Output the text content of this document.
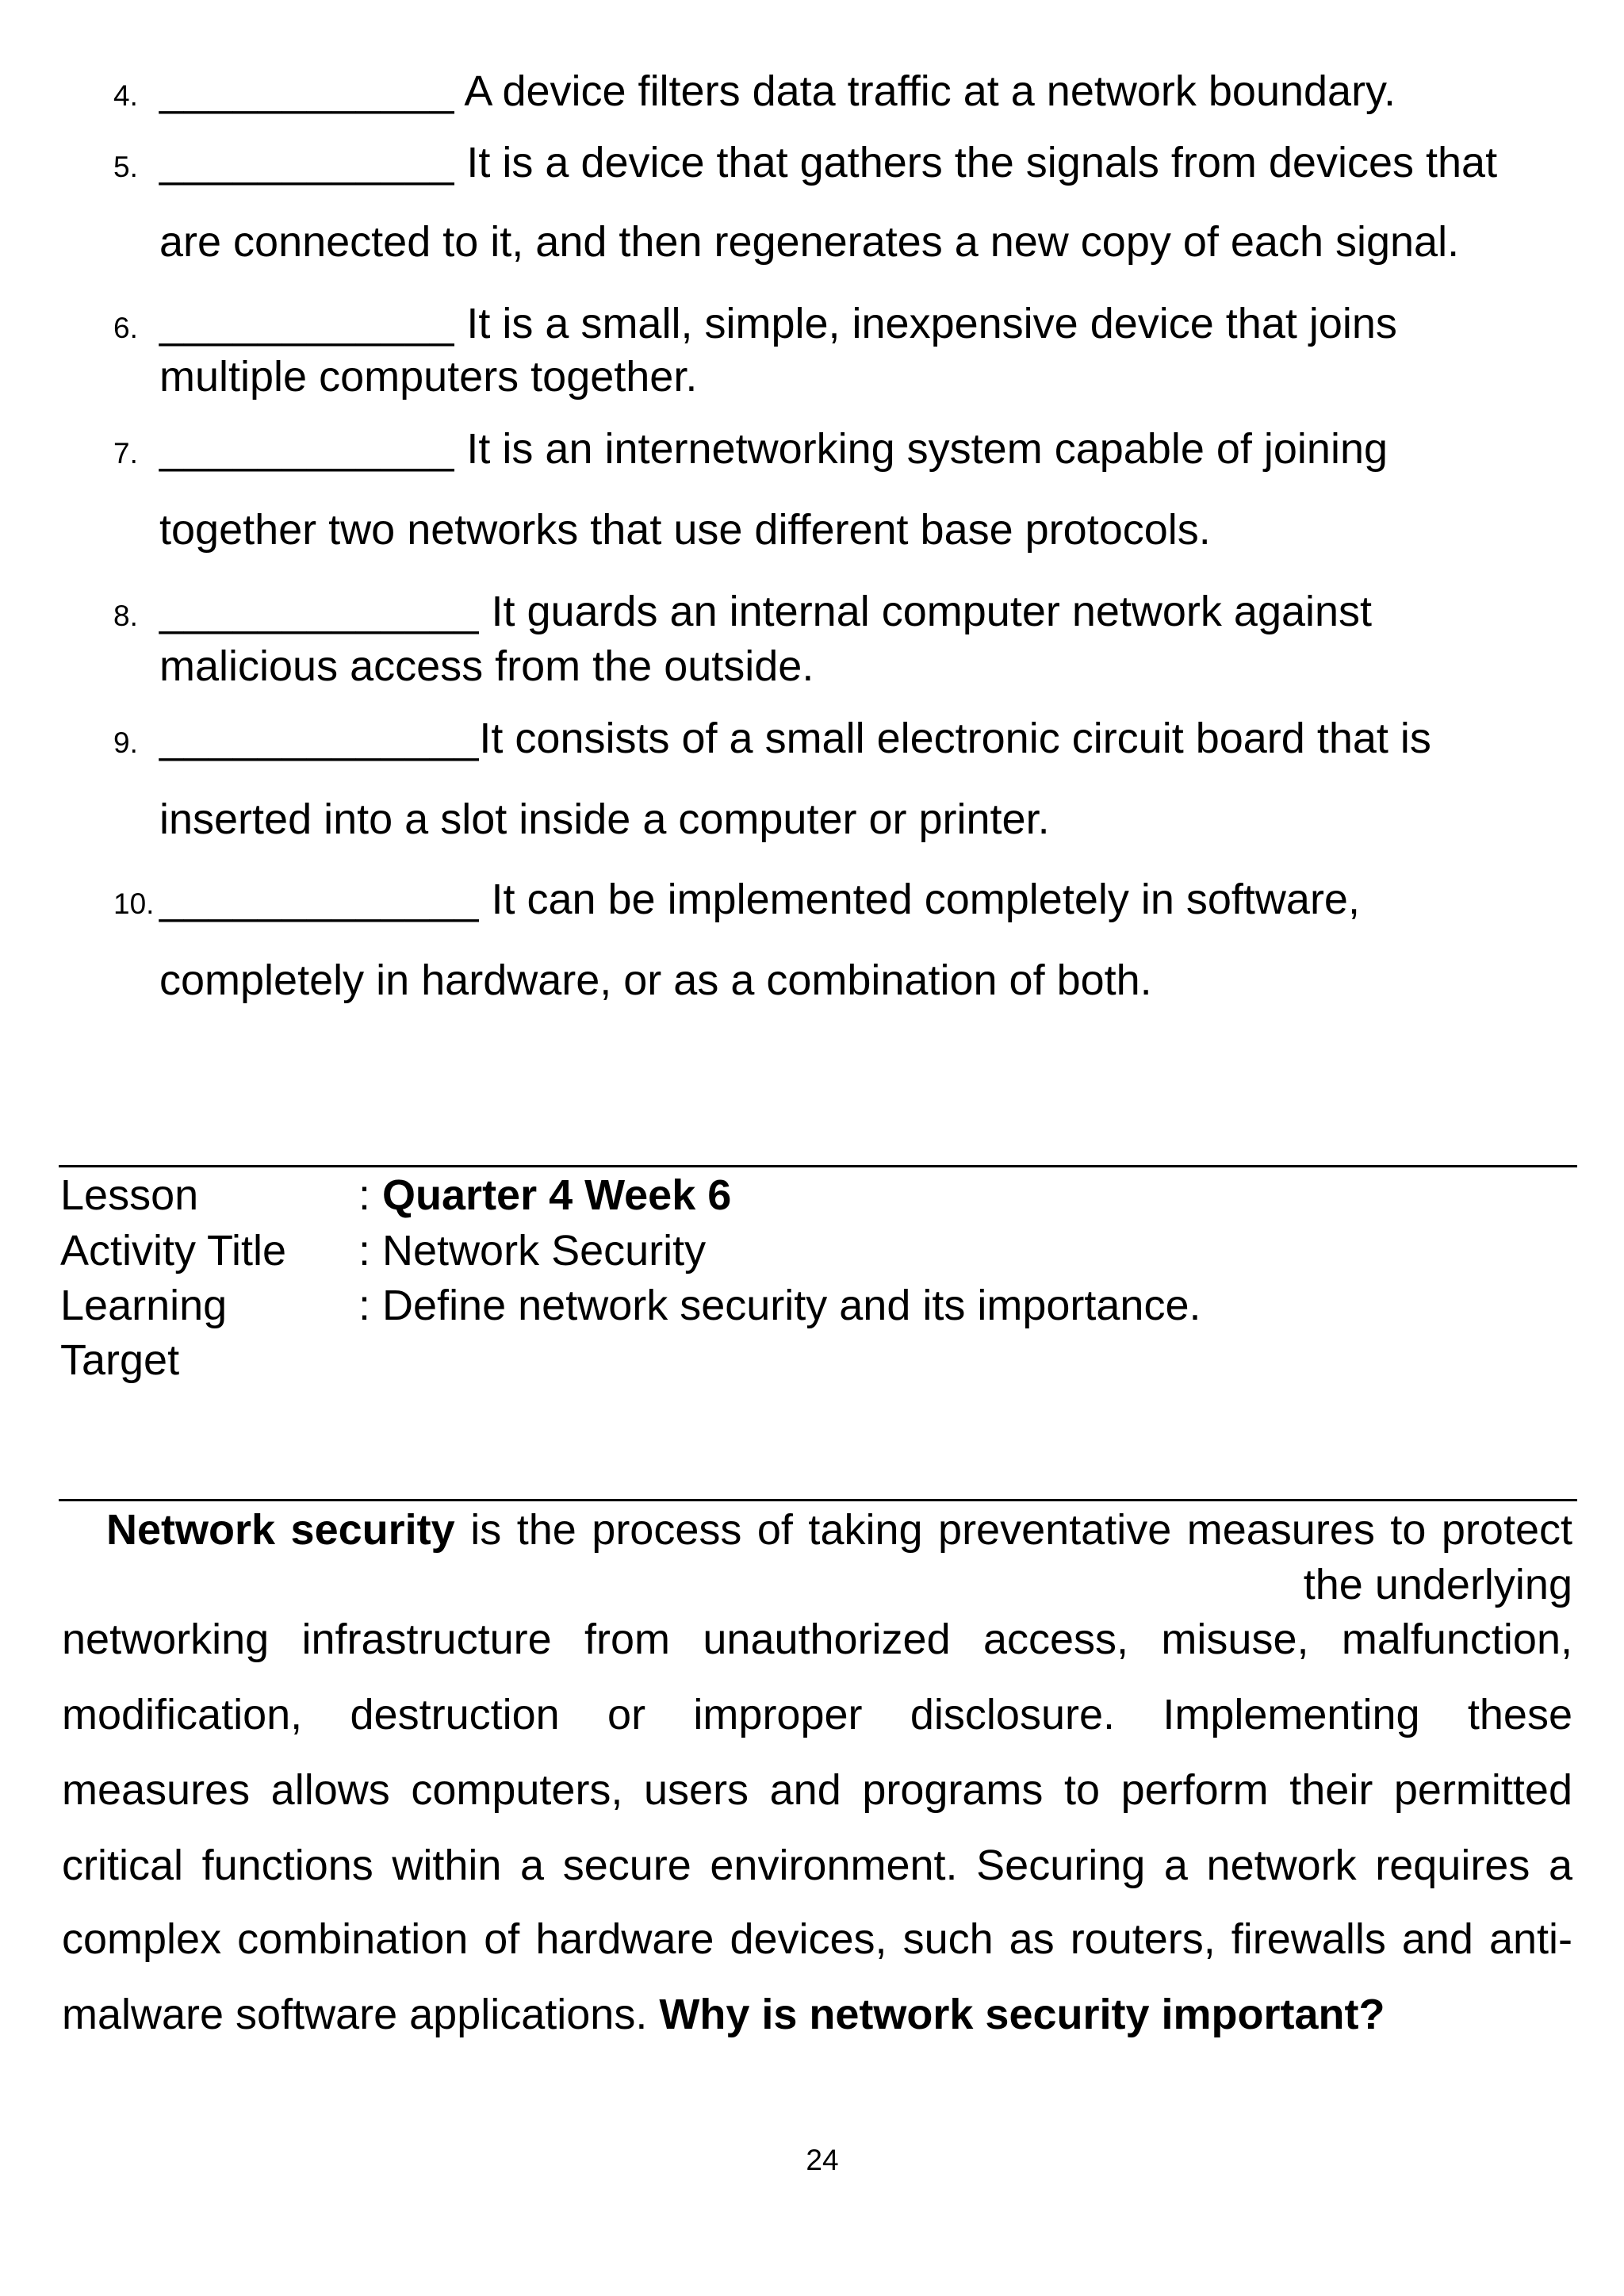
4. ____________ A device filters data traffic at a network boundary.
5. ____________ It is a device that gathers the signals from devices that
are connected to it, and then regenerates a new copy of each signal.
6. ____________ It is a small, simple, inexpensive device that joins
multiple computers together.
7. ____________ It is an internetworking system capable of joining
together two networks that use different base protocols.
8. _____________ It guards an internal computer network against
malicious access from the outside.
9. _____________It consists of a small electronic circuit board that is
inserted into a slot inside a computer or printer.
10. _____________ It can be implemented completely in software,
completely in hardware, or as a combination of both.
Lesson	: Quarter 4 Week 6
Activity Title	: Network Security
Learning Target
: Define network security and its importance.
Network security is the process of taking preventative measures to protect
the underlying
networking infrastructure from unauthorized access, misuse, malfunction,
modification, destruction or improper disclosure. Implementing these
measures allows computers, users and programs to perform their permitted
critical functions within a secure environment. Securing a network requires a
complex combination of hardware devices, such as routers, firewalls and anti-
malware software applications. Why is network security important?
24
